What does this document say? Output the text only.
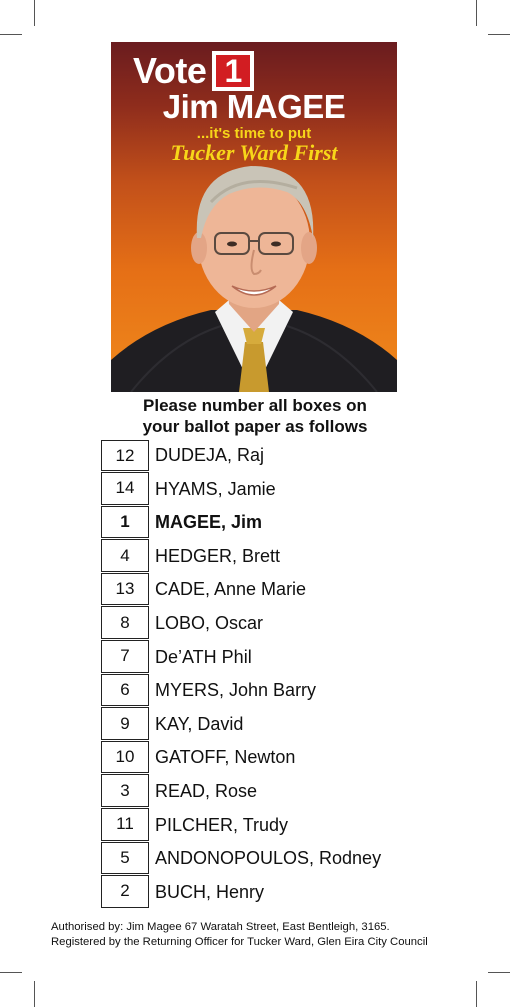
Vote 1
Jim MAGEE
...it's time to put
Tucker Ward First
Please number all boxes on
your ballot paper as follows
12	DUDEJA, Raj
14	HYAMS, Jamie
1	MAGEE, Jim
4	HEDGER, Brett
13	CADE, Anne Marie
8	LOBO, Oscar
7	De’ATH Phil
6	MYERS, John Barry
9	KAY, David
10	GATOFF, Newton
3	READ, Rose
11	PILCHER, Trudy
5	ANDONOPOULOS, Rodney
2	BUCH, Henry
Authorised by: Jim Magee 67 Waratah Street, East Bentleigh, 3165.
Registered by the Returning Officer for Tucker Ward, Glen Eira City Council
